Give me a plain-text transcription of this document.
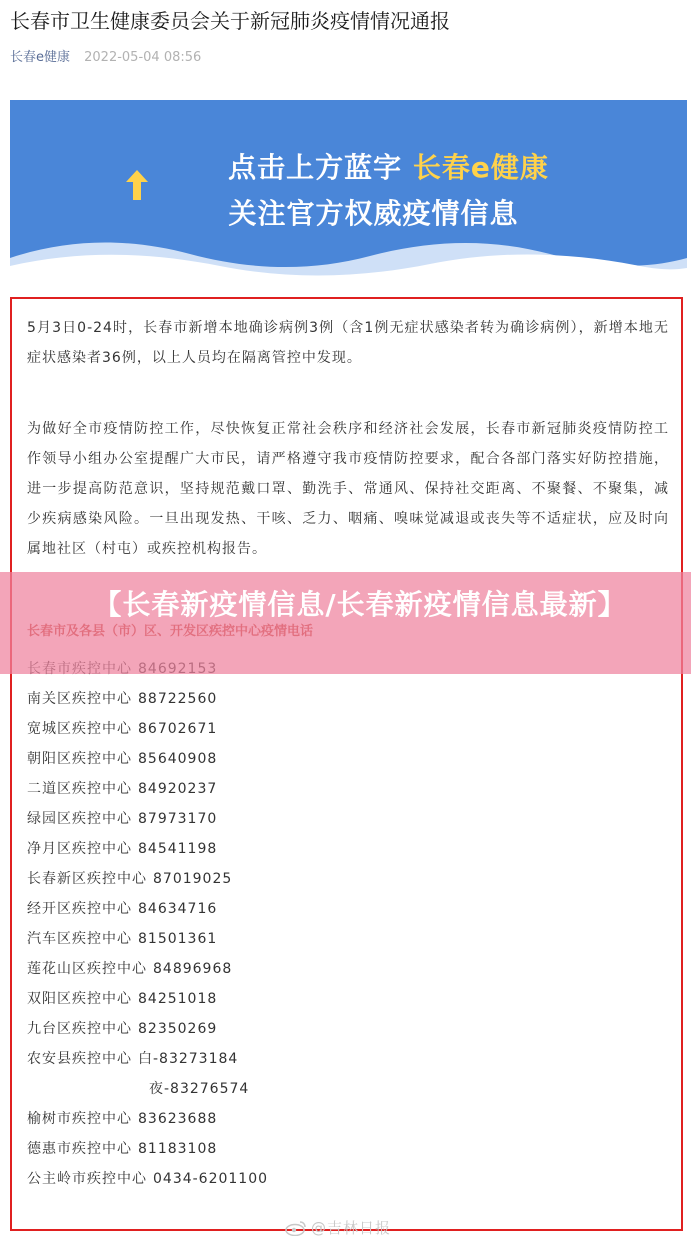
长春市卫生健康委员会关于新冠肺炎疫情情况通报
长春e健康 2022-05-04 08:56
点击上方蓝字 长春e健康
关注官方权威疫情信息

5月3日0-24时，长春市新增本地确诊病例3例（含1例无症状感染者转为确诊病例），新增本地无症状感染者36例，以上人员均在隔离管控中发现。

为做好全市疫情防控工作，尽快恢复正常社会秩序和经济社会发展，长春市新冠肺炎疫情防控工作领导小组办公室提醒广大市民，请严格遵守我市疫情防控要求，配合各部门落实好防控措施，进一步提高防范意识，坚持规范戴口罩、勤洗手、常通风、保持社交距离、不聚餐、不聚集，减少疾病感染风险。一旦出现发热、干咳、乏力、咽痛、嗅味觉减退或丧失等不适症状，应及时向属地社区（村屯）或疾控机构报告。

南关区疾控中心 88722560
宽城区疾控中心 86702671
朝阳区疾控中心 85640908
二道区疾控中心 84920237
绿园区疾控中心 87973170
净月区疾控中心 84541198
长春新区疾控中心 87019025
经开区疾控中心 84634716
汽车区疾控中心 81501361
莲花山区疾控中心 84896968
双阳区疾控中心 84251018
九台区疾控中心 82350269
农安县疾控中心 白-83273184
夜-83276574
榆树市疾控中心 83623688
德惠市疾控中心 81183108
公主岭市疾控中心 0434-6201100
@吉林日报

【长春新疫情信息/长春新疫情信息最新】
